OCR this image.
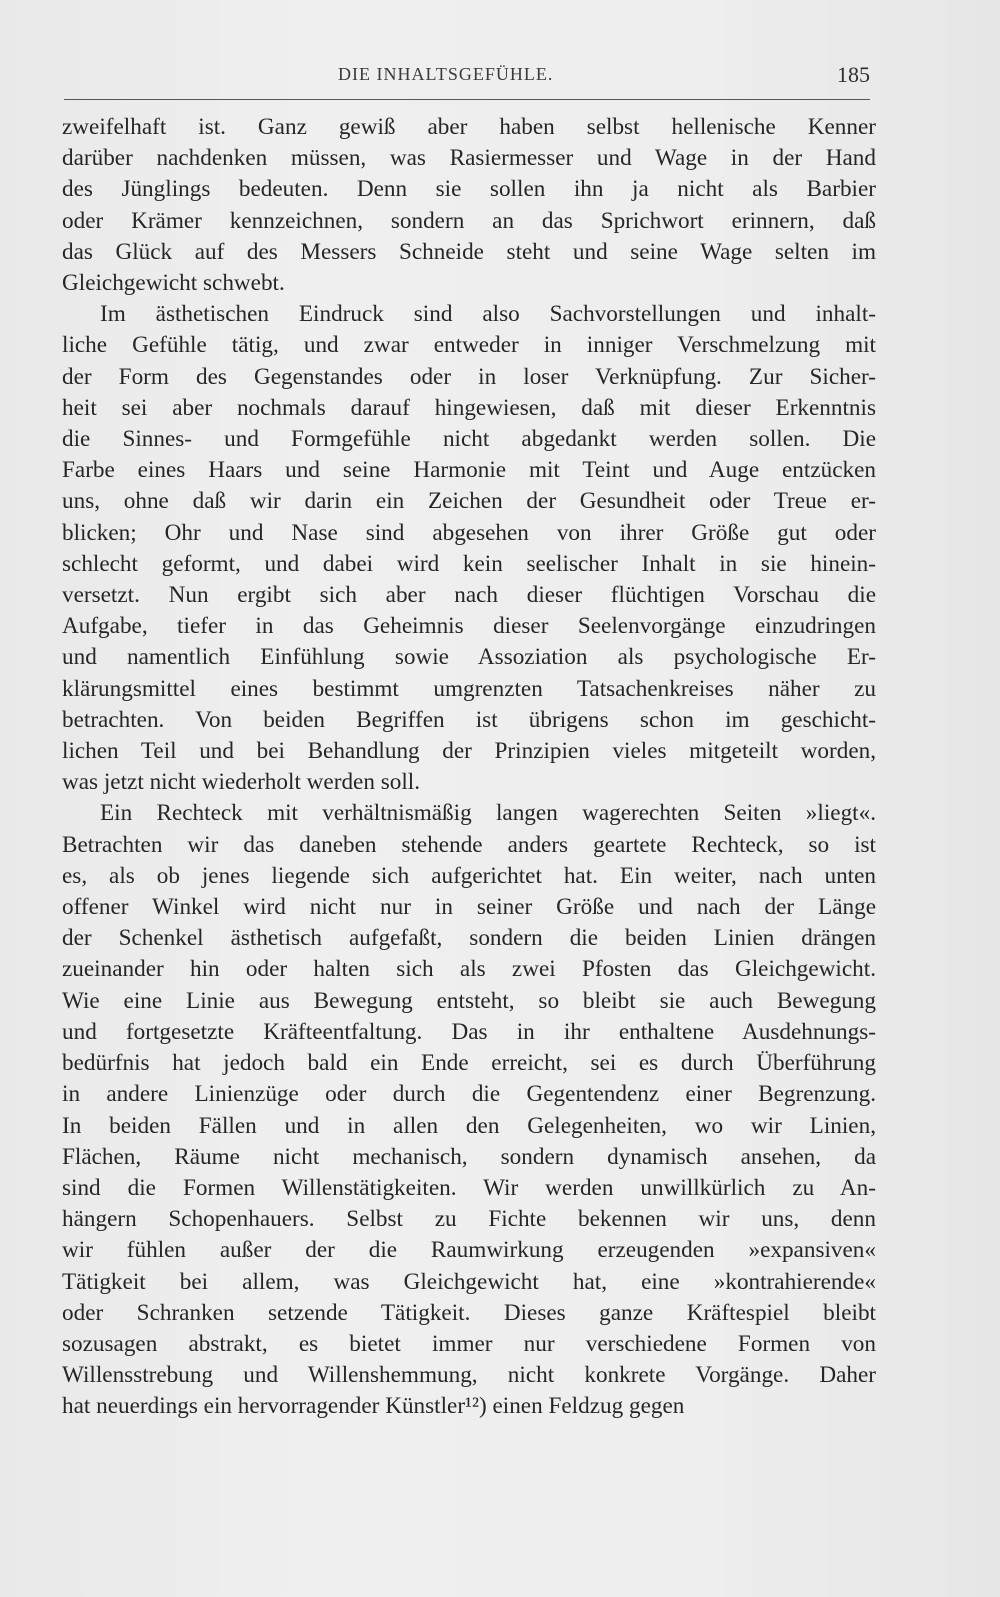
DIE INHALTSGEFÜHLE.	185
zweifelhaft ist. Ganz gewiß aber haben selbst hellenische Kenner
darüber nachdenken müssen, was Rasiermesser und Wage in der Hand
des Jünglings bedeuten. Denn sie sollen ihn ja nicht als Barbier
oder Krämer kennzeichnen, sondern an das Sprichwort erinnern, daß
das Glück auf des Messers Schneide steht und seine Wage selten im
Gleichgewicht schwebt.
Im ästhetischen Eindruck sind also Sachvorstellungen und inhalt-
liche Gefühle tätig, und zwar entweder in inniger Verschmelzung mit
der Form des Gegenstandes oder in loser Verknüpfung. Zur Sicher-
heit sei aber nochmals darauf hingewiesen, daß mit dieser Erkenntnis
die Sinnes- und Formgefühle nicht abgedankt werden sollen. Die
Farbe eines Haars und seine Harmonie mit Teint und Auge entzücken
uns, ohne daß wir darin ein Zeichen der Gesundheit oder Treue er-
blicken; Ohr und Nase sind abgesehen von ihrer Größe gut oder
schlecht geformt, und dabei wird kein seelischer Inhalt in sie hinein-
versetzt. Nun ergibt sich aber nach dieser flüchtigen Vorschau die
Aufgabe, tiefer in das Geheimnis dieser Seelenvorgänge einzudringen
und namentlich Einfühlung sowie Assoziation als psychologische Er-
klärungsmittel eines bestimmt umgrenzten Tatsachenkreises näher zu
betrachten. Von beiden Begriffen ist übrigens schon im geschicht-
lichen Teil und bei Behandlung der Prinzipien vieles mitgeteilt worden,
was jetzt nicht wiederholt werden soll.
Ein Rechteck mit verhältnismäßig langen wagerechten Seiten »liegt«.
Betrachten wir das daneben stehende anders geartete Rechteck, so ist
es, als ob jenes liegende sich aufgerichtet hat. Ein weiter, nach unten
offener Winkel wird nicht nur in seiner Größe und nach der Länge
der Schenkel ästhetisch aufgefaßt, sondern die beiden Linien drängen
zueinander hin oder halten sich als zwei Pfosten das Gleichgewicht.
Wie eine Linie aus Bewegung entsteht, so bleibt sie auch Bewegung
und fortgesetzte Kräfteentfaltung. Das in ihr enthaltene Ausdehnungs-
bedürfnis hat jedoch bald ein Ende erreicht, sei es durch Überführung
in andere Linienzüge oder durch die Gegentendenz einer Begrenzung.
In beiden Fällen und in allen den Gelegenheiten, wo wir Linien,
Flächen, Räume nicht mechanisch, sondern dynamisch ansehen, da
sind die Formen Willenstätigkeiten. Wir werden unwillkürlich zu An-
hängern Schopenhauers. Selbst zu Fichte bekennen wir uns, denn
wir fühlen außer der die Raumwirkung erzeugenden »expansiven«
Tätigkeit bei allem, was Gleichgewicht hat, eine »kontrahierende«
oder Schranken setzende Tätigkeit. Dieses ganze Kräftespiel bleibt
sozusagen abstrakt, es bietet immer nur verschiedene Formen von
Willensstrebung und Willenshemmung, nicht konkrete Vorgänge. Daher
hat neuerdings ein hervorragender Künstler¹²) einen Feldzug gegen
